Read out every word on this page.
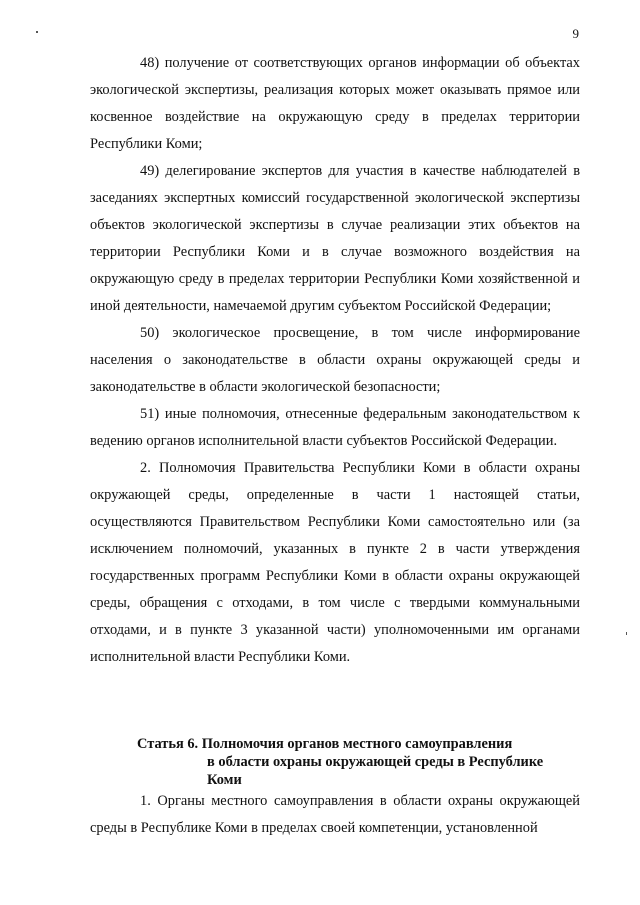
9

48) получение от соответствующих органов информации об объектах экологической экспертизы, реализация которых может оказывать прямое или косвенное воздействие на окружающую среду в пределах территории Республики Коми;

49) делегирование экспертов для участия в качестве наблюдателей в заседаниях экспертных комиссий государственной экологической экспертизы объектов экологической экспертизы в случае реализации этих объектов на территории Республики Коми и в случае возможного воздействия на окружающую среду в пределах территории Республики Коми хозяйственной и иной деятельности, намечаемой другим субъектом Российской Федерации;

50) экологическое просвещение, в том числе информирование населения о законодательстве в области охраны окружающей среды и законодательстве в области экологической безопасности;

51) иные полномочия, отнесенные федеральным законодательством к ведению органов исполнительной власти субъектов Российской Федерации.

2. Полномочия Правительства Республики Коми в области охраны окружающей среды, определенные в части 1 настоящей статьи, осуществляются Правительством Республики Коми самостоятельно или (за исключением полномочий, указанных в пункте 2 в части утверждения государственных программ Республики Коми в области охраны окружающей среды, обращения с отходами, в том числе с твердыми коммунальными отходами, и в пункте 3 указанной части) уполномоченными им органами исполнительной власти Республики Коми.

Статья 6. Полномочия органов местного самоуправления
в области охраны окружающей среды в Республике Коми

1. Органы местного самоуправления в области охраны окружающей среды в Республике Коми в пределах своей компетенции, установленной
